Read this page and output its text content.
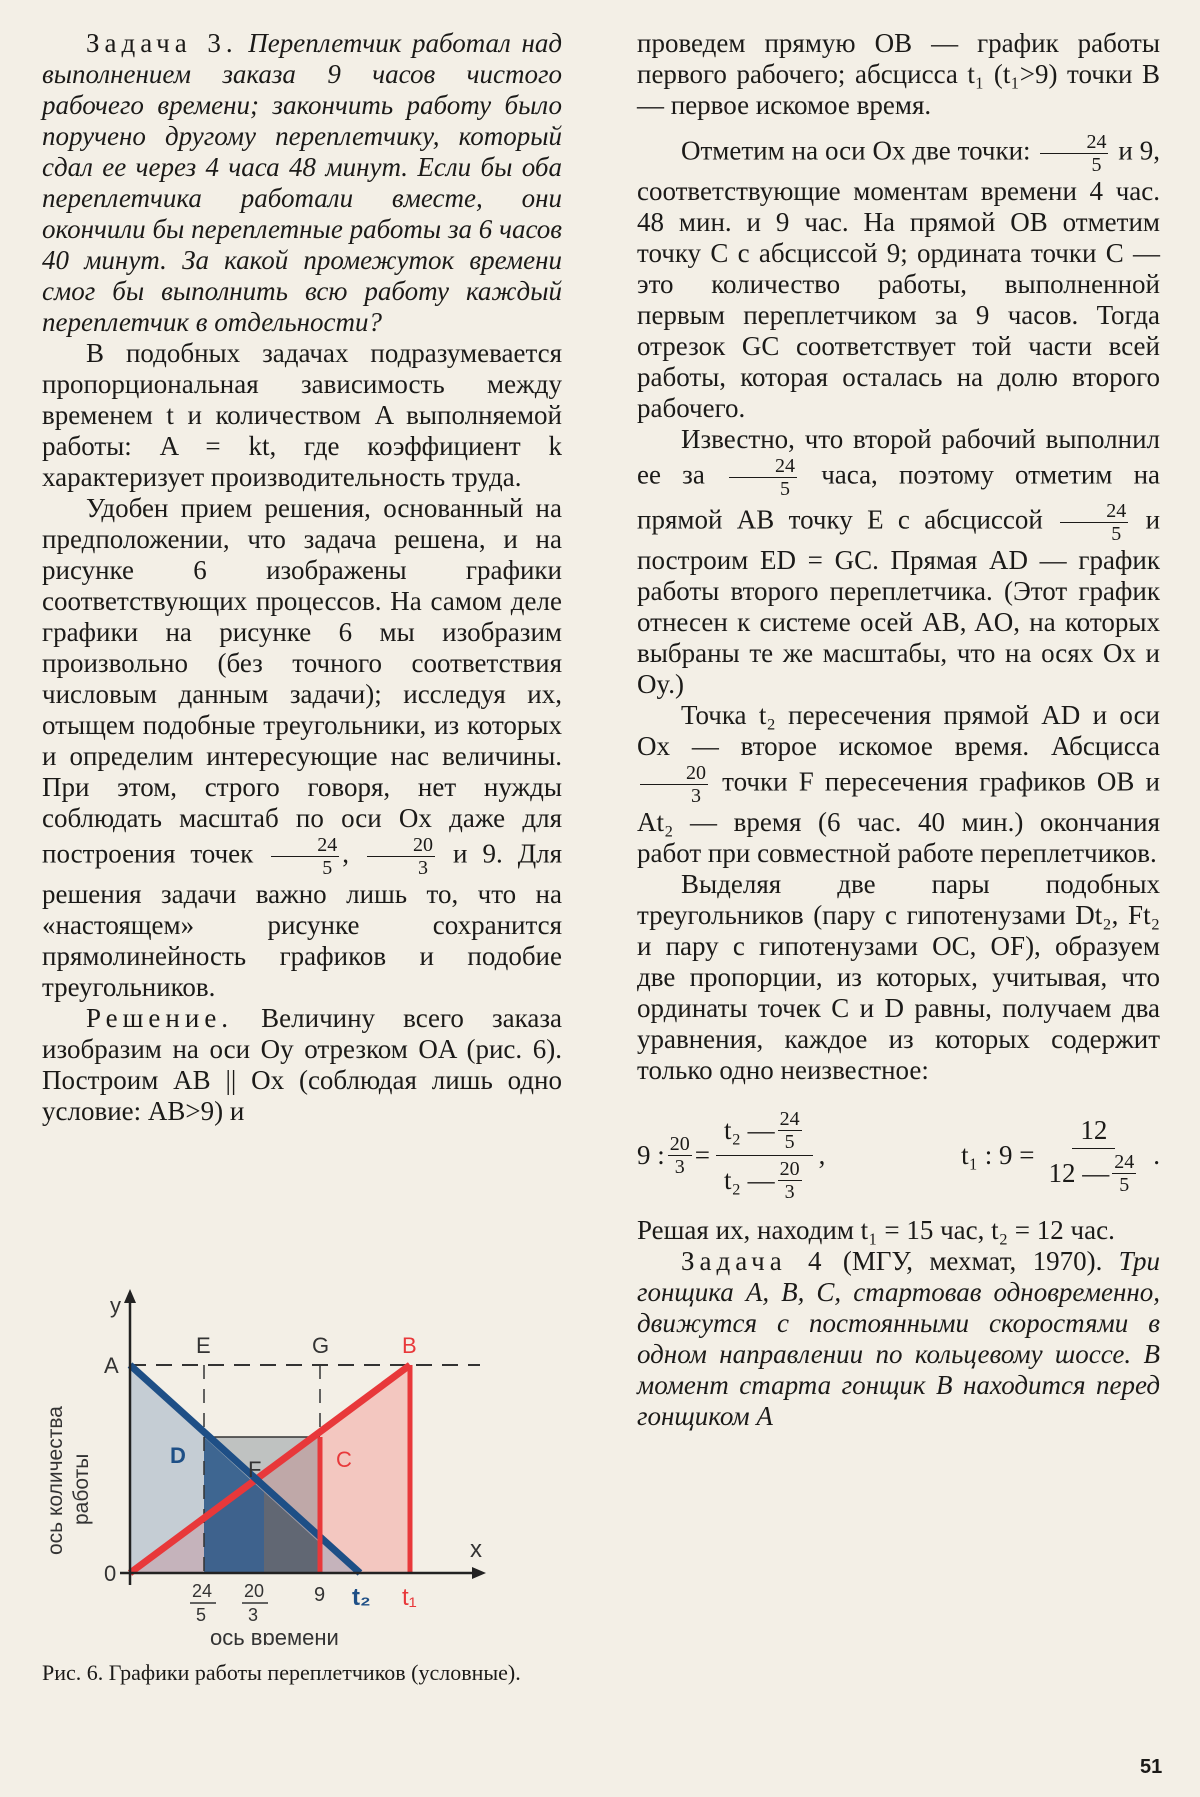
Задача 3. Переплетчик работал над выполнением заказа 9 часов чистого рабочего времени; закончить работу было поручено другому переплетчику, который сдал ее через 4 часа 48 минут. Если бы оба переплетчика работали вместе, они окончили бы переплетные работы за 6 часов 40 минут. За какой промежуток времени смог бы выполнить всю работу каждый переплетчик в отдельности?

В подобных задачах подразумевается пропорциональная зависимость между временем t и количеством A выполняемой работы: A = kt, где коэффициент k характеризует производительность труда.

Удобен прием решения, основанный на предположении, что задача решена, и на рисунке 6 изображены графики соответствующих процессов. На самом деле графики на рисунке 6 мы изобразим произвольно (без точного соответствия числовым данным задачи); исследуя их, отыщем подобные треугольники, из которых и определим интересующие нас величины. При этом, строго говоря, нет нужды соблюдать масштаб по оси Ox даже для построения точек $\frac{24}{5}$ , $\frac{20}{3}$ и 9. Для решения задачи важно лишь то, что на «настоящем» рисунке сохранится прямолинейность графиков и подобие треугольников.

Решение. Величину всего заказа изобразим на оси Oy отрезком OA (рис. 6). Построим AB || Ox (соблюдая лишь одно условие: AB>9) и

y
x
A
0
E	G	B
D
F	C
24
5
20
3
9 t₂ t₁
ось количества работы
ось времени
Рис. 6. Графики работы переплетчиков (условные).

проведем прямую OB — график работы первого рабочего; абсцисса t₁ (t₁>9) точки B — первое искомое время.

Отметим на оси Ox две точки: $\frac{24}{5}$ и 9, соответствующие моментам времени 4 час. 48 мин. и 9 час. На прямой OB отметим точку C с абсциссой 9; ордината точки C — это количество работы, выполненной первым переплетчиком за 9 часов. Тогда отрезок GC соответствует той части всей работы, которая осталась на долю второго рабочего.

Известно, что второй рабочий выполнил ее за $\frac{24}{5}$ часа, поэтому отметим на прямой AB точку E с абсциссой $\frac{24}{5}$ и построим ED = GC. Прямая AD — график работы второго переплетчика. (Этот график отнесен к системе осей AB, AO, на которых выбраны те же масштабы, что на осях Ox и Oy.)

Точка t₂ пересечения прямой AD и оси Ox — второе искомое время. Абсцисса
$\frac{20}{3}$ точки F пересечения графиков OB и At₂ — время (6 час. 40 мин.) окончания работ при совместной работе переплетчиков.

Выделяя две пары подобных треугольников (пару с гипотенузами Dt₂, Ft₂ и пару с гипотенузами OC, OF), образуем две пропорции, из которых, учитывая, что ординаты точек C и D равны, получаем два уравнения, каждое из которых содержит только одно неизвестное:

9 : $\frac{20}{3} = \frac{t_2 — \frac{24}{5}}{t_2 — \frac{20}{3}}$ ,	t₁ : $9 = \frac{12}{12 — \frac{24}{5}}$ .

Решая их, находим t₁ = 15 час, t₂ = 12 час.

Задача 4 (МГУ, мехмат, 1970). Три гонщика A, B, C, стартовав одновременно, движутся с постоянными скоростями в одном направлении по кольцевому шоссе. В момент старта гонщик B находится перед гонщиком A

51
